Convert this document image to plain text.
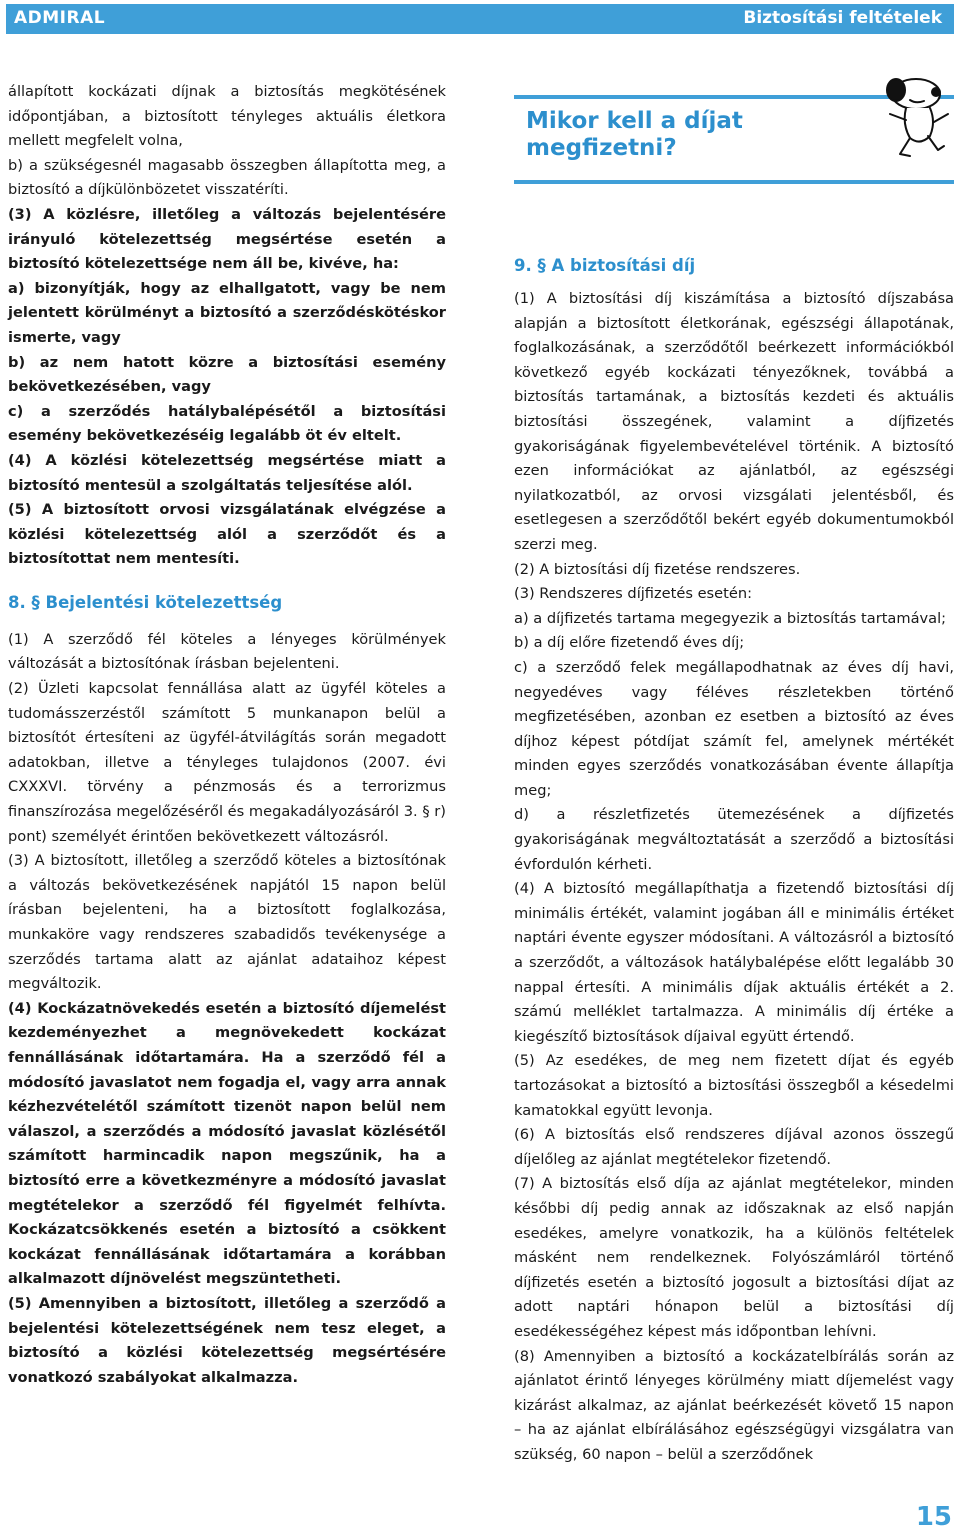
ADMIRAL	Biztosítási feltételek

állapított kockázati díjnak a biztosítás megkötésének időpontjában, a biztosított tényleges aktuális életkora mellett megfelelt volna,

b) a szükségesnél magasabb összegben állapította meg, a biztosító a díjkülönbözetet visszatéríti.

(3) A közlésre, illetőleg a változás bejelentésére irányuló kötelezettség megsértése esetén a biztosító kötelezettsége nem áll be, kivéve, ha:

a) bizonyítják, hogy az elhallgatott, vagy be nem jelentett körülményt a biztosító a szerződéskötéskor ismerte, vagy

b) az nem hatott közre a biztosítási esemény bekövetkezésében, vagy

c) a szerződés hatálybalépésétől a biztosítási esemény bekövetkezéséig legalább öt év eltelt.

(4) A közlési kötelezettség megsértése miatt a biztosító mentesül a szolgáltatás teljesítése alól.

(5) A biztosított orvosi vizsgálatának elvégzése a közlési kötelezettség alól a szerződőt és a biztosítottat nem mentesíti.

8. § Bejelentési kötelezettség

(1) A szerződő fél köteles a lényeges körülmények változását a biztosítónak írásban bejelenteni.

(2) Üzleti kapcsolat fennállása alatt az ügyfél köteles a tudomásszerzéstől számított 5 munkanapon belül a biztosítót értesíteni az ügyfél-átvilágítás során megadott adatokban, illetve a tényleges tulajdonos (2007. évi CXXXVI. törvény a pénzmosás és a terrorizmus finanszírozása megelőzéséről és megakadályozásáról 3. § r) pont) személyét érintően bekövetkezett változásról.

(3) A biztosított, illetőleg a szerződő köteles a biztosítónak a változás bekövetkezésének napjától 15 napon belül írásban bejelenteni, ha a biztosított foglalkozása, munkaköre vagy rendszeres szabadidős tevékenysége a szerződés tartama alatt az ajánlat adataihoz képest megváltozik.

(4) Kockázatnövekedés esetén a biztosító díjemelést kezdeményezhet a megnövekedett kockázat fennállásának időtartamára. Ha a szerződő fél a módosító javaslatot nem fogadja el, vagy arra annak kézhezvételétől számított tizenöt napon belül nem válaszol, a szerződés a módosító javaslat közlésétől számított harmincadik napon megszűnik, ha a biztosító erre a következményre a módosító javaslat megtételekor a szerződő fél figyelmét felhívta. Kockázatcsökkenés esetén a biztosító a csökkent kockázat fennállásának időtartamára a korábban alkalmazott díjnövelést megszüntetheti.

(5) Amennyiben a biztosított, illetőleg a szerződő a bejelentési kötelezettségének nem tesz eleget, a biztosító a közlési kötelezettség megsértésére vonatkozó szabályokat alkalmazza.

Mikor kell a díjat megfizetni?

9. § A biztosítási díj

(1) A biztosítási díj kiszámítása a biztosító díjszabása alapján a biztosított életkorának, egészségi állapotának, foglalkozásának, a szerződőtől beérkezett információkból következő egyéb kockázati tényezőknek, továbbá a biztosítás tartamának, a biztosítás kezdeti és aktuális biztosítási összegének, valamint a díjfizetés gyakoriságának figyelembevételével történik. A biztosító ezen információkat az ajánlatból, az egészségi nyilatkozatból, az orvosi vizsgálati jelentésből, és esetlegesen a szerződőtől bekért egyéb dokumentumokból szerzi meg.

(2) A biztosítási díj fizetése rendszeres.

(3) Rendszeres díjfizetés esetén:

a) a díjfizetés tartama megegyezik a biztosítás tartamával;

b) a díj előre fizetendő éves díj;

c) a szerződő felek megállapodhatnak az éves díj havi, negyedéves vagy féléves részletekben történő megfizetésében, azonban ez esetben a biztosító az éves díjhoz képest pótdíjat számít fel, amelynek mértékét minden egyes szerződés vonatkozásában évente állapítja meg;

d) a részletfizetés ütemezésének a díjfizetés gyakoriságának megváltoztatását a szerződő a biztosítási évfordulón kérheti.

(4) A biztosító megállapíthatja a fizetendő biztosítási díj minimális értékét, valamint jogában áll e minimális értéket naptári évente egyszer módosítani. A változásról a biztosító a szerződőt, a változások hatálybalépése előtt legalább 30 nappal értesíti. A minimális díjak aktuális értékét a 2. számú melléklet tartalmazza. A minimális díj értéke a kiegészítő biztosítások díjaival együtt értendő.

(5) Az esedékes, de meg nem fizetett díjat és egyéb tartozásokat a biztosító a biztosítási összegből a késedelmi kamatokkal együtt levonja.

(6) A biztosítás első rendszeres díjával azonos összegű díjelőleg az ajánlat megtételekor fizetendő.

(7) A biztosítás első díja az ajánlat megtételekor, minden későbbi díj pedig annak az időszaknak az első napján esedékes, amelyre vonatkozik, ha a különös feltételek másként nem rendelkeznek. Folyószámláról történő díjfizetés esetén a biztosító jogosult a biztosítási díjat az adott naptári hónapon belül a biztosítási díj esedékességéhez képest más időpontban lehívni.

(8) Amennyiben a biztosító a kockázatelbírálás során az ajánlatot érintő lényeges körülmény miatt díjemelést vagy kizárást alkalmaz, az ajánlat beérkezését követő 15 napon – ha az ajánlat elbírálásához egészségügyi vizsgálatra van szükség, 60 napon – belül a szerződőnek

15
